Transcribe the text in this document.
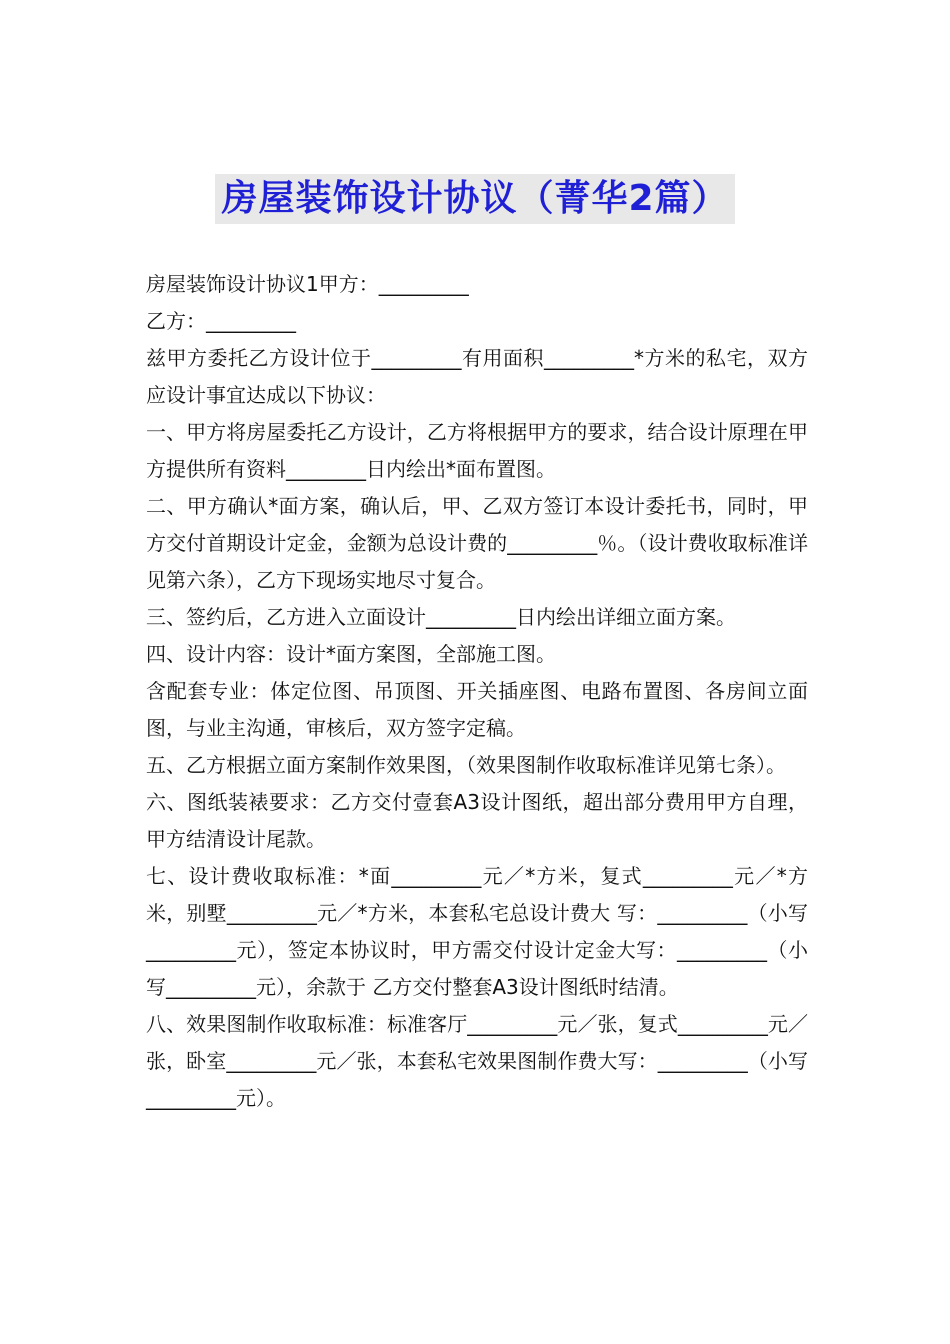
房屋装饰设计协议（菁华2篇）

房屋装饰设计协议1甲方：_________

乙方：_________

兹甲方委托乙方设计位于_________有用面积_________*方米的私宅，双方应设计事宜达成以下协议：

一、甲方将房屋委托乙方设计，乙方将根据甲方的要求，结合设计原理在甲方提供所有资料________日内绘出*面布置图。

二、甲方确认*面方案，确认后，甲、乙双方签订本设计委托书，同时，甲方交付首期设计定金，金额为总设计费的_________％。（设计费收取标准详见第六条），乙方下现场实地尽寸复合。

三、签约后，乙方进入立面设计_________日内绘出详细立面方案。

四、设计内容：设计*面方案图，全部施工图。

含配套专业：体定位图、吊顶图、开关插座图、电路布置图、各房间立面图，与业主沟通，审核后，双方签字定稿。

五、乙方根据立面方案制作效果图，（效果图制作收取标准详见第七条）。

六、图纸装裱要求：乙方交付壹套A3设计图纸，超出部分费用甲方自理，甲方结清设计尾款。

七、设计费收取标准：*面_________元／*方米，复式_________元／*方米，别墅_________元／*方米，本套私宅总设计费大 写：_________（小写_________元），签定本协议时，甲方需交付设计定金大写：_________（小写_________元），余款于 乙方交付整套A3设计图纸时结清。

八、效果图制作收取标准：标准客厅_________元／张，复式_________元／张，卧室_________元／张，本套私宅效果图制作费大写：_________（小写_________元）。
